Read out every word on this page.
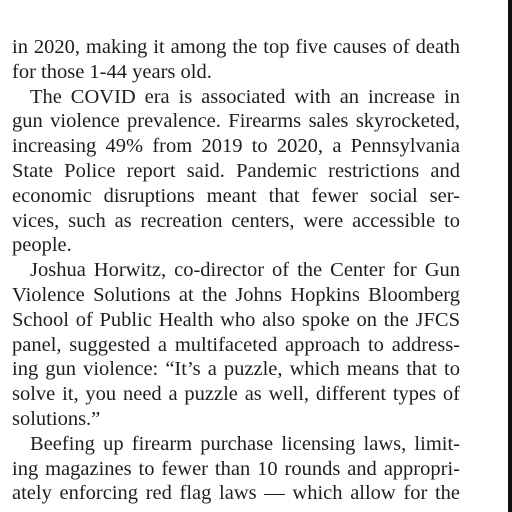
in 2020, making it among the top five causes of death
for those 1-44 years old.
The COVID era is associated with an increase in
gun violence prevalence. Firearms sales skyrocketed,
increasing 49% from 2019 to 2020, a Pennsylvania
State Police report said. Pandemic restrictions and
economic disruptions meant that fewer social ser-
vices, such as recreation centers, were accessible to
people.
Joshua Horwitz, co-director of the Center for Gun
Violence Solutions at the Johns Hopkins Bloomberg
School of Public Health who also spoke on the JFCS
panel, suggested a multifaceted approach to address-
ing gun violence: “It’s a puzzle, which means that to
solve it, you need a puzzle as well, different types of
solutions.”
Beefing up firearm purchase licensing laws, limit-
ing magazines to fewer than 10 rounds and appropri-
ately enforcing red flag laws — which allow for the
